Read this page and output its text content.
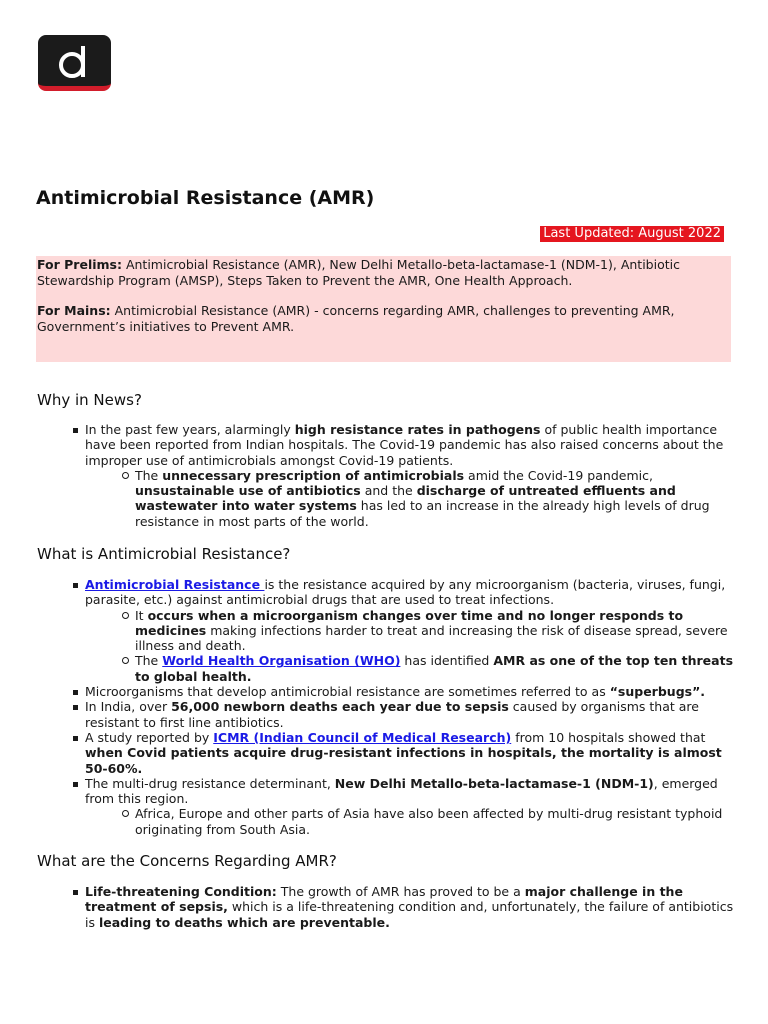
Antimicrobial Resistance (AMR)
Last Updated: August 2022

For Prelims: Antimicrobial Resistance (AMR), New Delhi Metallo-beta-lactamase-1 (NDM-1), Antibiotic Stewardship Program (AMSP), Steps Taken to Prevent the AMR, One Health Approach.

For Mains: Antimicrobial Resistance (AMR) - concerns regarding AMR, challenges to preventing AMR, Government’s initiatives to Prevent AMR.

Why in News?
In the past few years, alarmingly high resistance rates in pathogens of public health importance have been reported from Indian hospitals. The Covid-19 pandemic has also raised concerns about the improper use of antimicrobials amongst Covid-19 patients.
The unnecessary prescription of antimicrobials amid the Covid-19 pandemic, unsustainable use of antibiotics and the discharge of untreated effluents and wastewater into water systems has led to an increase in the already high levels of drug resistance in most parts of the world.
What is Antimicrobial Resistance?
Antimicrobial Resistance is the resistance acquired by any microorganism (bacteria, viruses, fungi, parasite, etc.) against antimicrobial drugs that are used to treat infections.
It occurs when a microorganism changes over time and no longer responds to medicines making infections harder to treat and increasing the risk of disease spread, severe illness and death.
The World Health Organisation (WHO) has identified AMR as one of the top ten threats to global health.
Microorganisms that develop antimicrobial resistance are sometimes referred to as “superbugs”.
In India, over 56,000 newborn deaths each year due to sepsis caused by organisms that are resistant to first line antibiotics.
A study reported by ICMR (Indian Council of Medical Research) from 10 hospitals showed that when Covid patients acquire drug-resistant infections in hospitals, the mortality is almost 50-60%.
The multi-drug resistance determinant, New Delhi Metallo-beta-lactamase-1 (NDM-1), emerged from this region.
Africa, Europe and other parts of Asia have also been affected by multi-drug resistant typhoid originating from South Asia.
What are the Concerns Regarding AMR?
Life-threatening Condition: The growth of AMR has proved to be a major challenge in the treatment of sepsis, which is a life-threatening condition and, unfortunately, the failure of antibiotics is leading to deaths which are preventable.
